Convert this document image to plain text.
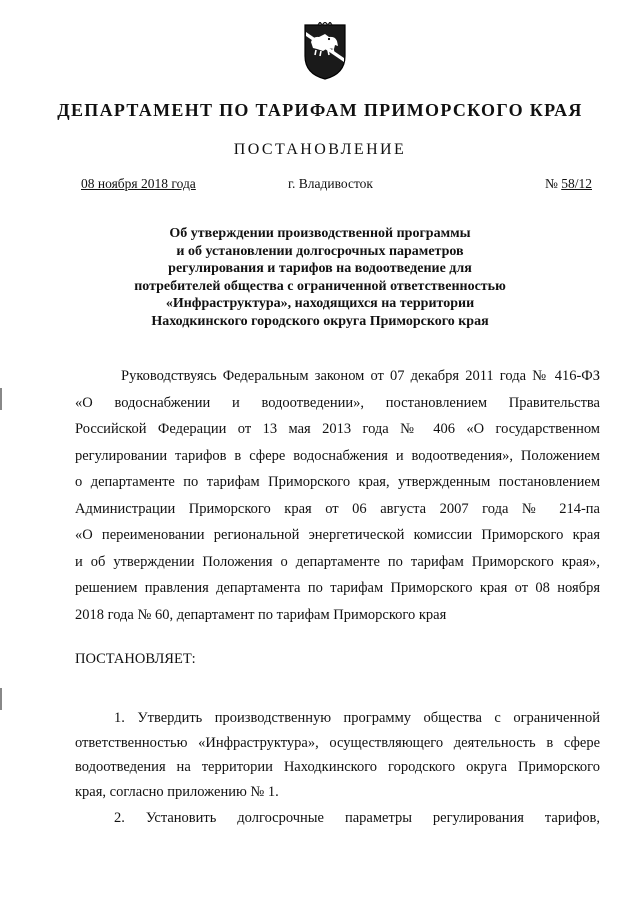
ДЕПАРТАМЕНТ ПО ТАРИФАМ ПРИМОРСКОГО КРАЯ
ПОСТАНОВЛЕНИЕ
08 ноября 2018 года	г. Владивосток	№ 58/12
Об утверждении производственной программы
и об установлении долгосрочных параметров
регулирования и тарифов на водоотведение для
потребителей общества с ограниченной ответственностью
«Инфраструктура», находящихся на территории
Находкинского городского округа Приморского края
Руководствуясь Федеральным законом от 07 декабря 2011 года № 416-ФЗ
«О водоснабжении и водоотведении», постановлением Правительства
Российской Федерации от 13 мая 2013 года № 406 «О государственном
регулировании тарифов в сфере водоснабжения и водоотведения», Положением
о департаменте по тарифам Приморского края, утвержденным постановлением
Администрации Приморского края от 06 августа 2007 года № 214-па
«О переименовании региональной энергетической комиссии Приморского края
и об утверждении Положения о департаменте по тарифам Приморского края»,
решением правления департамента по тарифам Приморского края от 08 ноября
2018 года № 60, департамент по тарифам Приморского края
ПОСТАНОВЛЯЕТ:
1. Утвердить производственную программу общества с ограниченной
ответственностью «Инфраструктура», осуществляющего деятельность в сфере
водоотведения на территории Находкинского городского округа Приморского
края, согласно приложению № 1.
2. Установить долгосрочные параметры регулирования тарифов,
